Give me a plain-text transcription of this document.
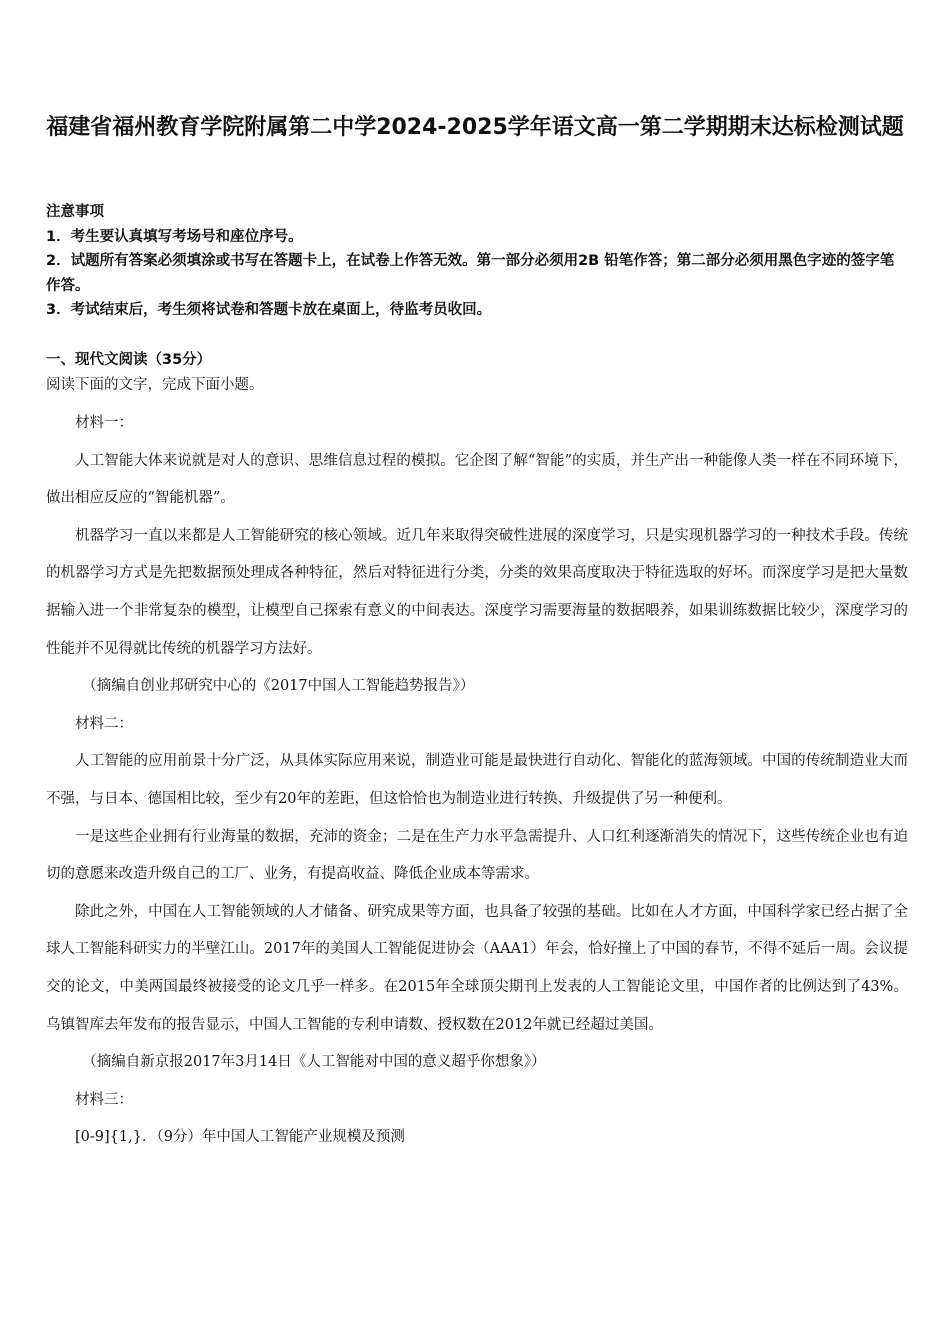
福建省福州教育学院附属第二中学2024-2025学年语文高一第二学期期末达标检测试题

注意事项

1．考生要认真填写考场号和座位序号。

2．试题所有答案必须填涂或书写在答题卡上，在试卷上作答无效。第一部分必须用2B 铅笔作答；第二部分必须用黑色字迹的签字笔作答。

3．考试结束后，考生须将试卷和答题卡放在桌面上，待监考员收回。

一、现代文阅读（35分）

阅读下面的文字，完成下面小题。

材料一：

人工智能大体来说就是对人的意识、思维信息过程的模拟。它企图了解“智能”的实质，并生产出一种能像人类一样在不同环境下，做出相应反应的“智能机器”。

机器学习一直以来都是人工智能研究的核心领域。近几年来取得突破性进展的深度学习，只是实现机器学习的一种技术手段。传统的机器学习方式是先把数据预处理成各种特征，然后对特征进行分类，分类的效果高度取决于特征选取的好坏。而深度学习是把大量数据输入进一个非常复杂的模型，让模型自己探索有意义的中间表达。深度学习需要海量的数据喂养，如果训练数据比较少，深度学习的性能并不见得就比传统的机器学习方法好。

（摘编自创业邦研究中心的《2017中国人工智能趋势报告》）

材料二：

人工智能的应用前景十分广泛，从具体实际应用来说，制造业可能是最快进行自动化、智能化的蓝海领域。中国的传统制造业大而不强，与日本、德国相比较，至少有20年的差距，但这恰恰也为制造业进行转换、升级提供了另一种便利。

一是这些企业拥有行业海量的数据，充沛的资金；二是在生产力水平急需提升、人口红利逐渐消失的情况下，这些传统企业也有迫切的意愿来改造升级自己的工厂、业务，有提高收益、降低企业成本等需求。

除此之外，中国在人工智能领域的人才储备、研究成果等方面，也具备了较强的基础。比如在人才方面，中国科学家已经占据了全球人工智能科研实力的半壁江山。2017年的美国人工智能促进协会（AAA1）年会，恰好撞上了中国的春节，不得不延后一周。会议提交的论文，中美两国最终被接受的论文几乎一样多。在2015年全球顶尖期刊上发表的人工智能论文里，中国作者的比例达到了43%。乌镇智库去年发布的报告显示，中国人工智能的专利申请数、授权数在2012年就已经超过美国。

（摘编自新京报2017年3月14日《人工智能对中国的意义超乎你想象》）

材料三：

[0-9]{1,}．（9分）年中国人工智能产业规模及预测
